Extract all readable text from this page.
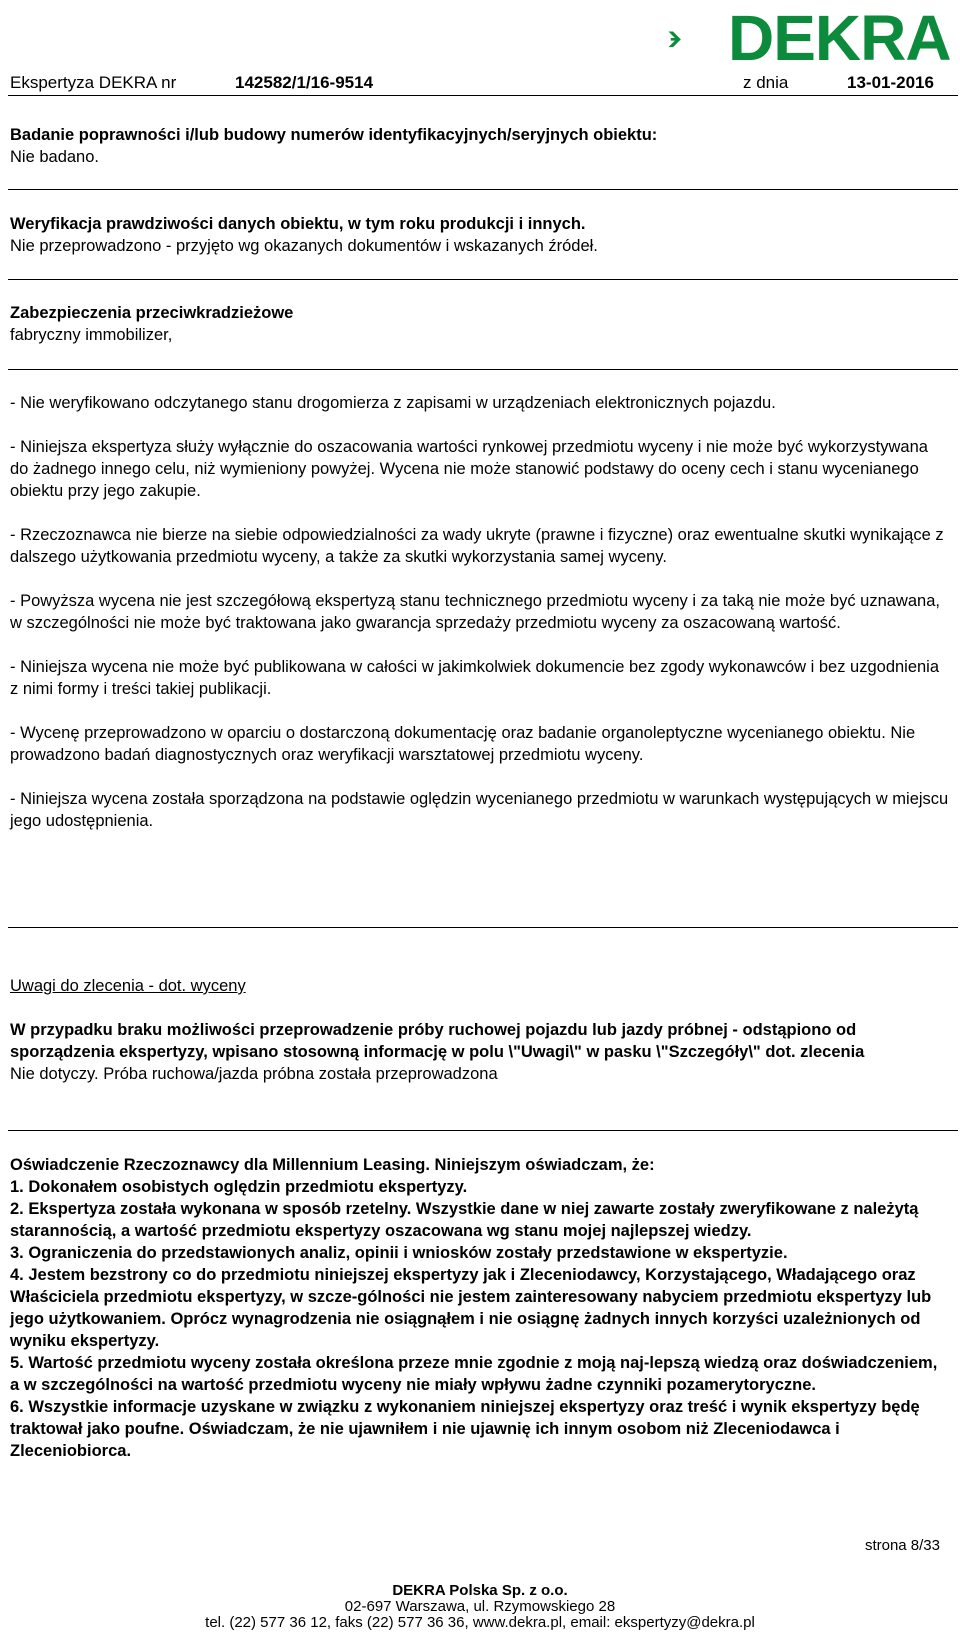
DEKRA
Ekspertyza DEKRA nr	142582/1/16-9514	z dnia	13-01-2016
Badanie poprawności i/lub budowy numerów identyfikacyjnych/seryjnych obiektu:
Nie badano.
Weryfikacja prawdziwości danych obiektu, w tym roku produkcji i innych.
Nie przeprowadzono - przyjęto wg okazanych dokumentów i wskazanych źródeł.
Zabezpieczenia przeciwkradzieżowe
fabryczny immobilizer,
- Nie weryfikowano odczytanego stanu drogomierza z zapisami w urządzeniach elektronicznych pojazdu.
- Niniejsza ekspertyza służy wyłącznie do oszacowania wartości rynkowej przedmiotu wyceny i nie może być wykorzystywana do żadnego innego celu, niż wymieniony powyżej. Wycena nie może stanowić podstawy do oceny cech i stanu wycenianego obiektu przy jego zakupie.
- Rzeczoznawca nie bierze na siebie odpowiedzialności za wady ukryte (prawne i fizyczne) oraz ewentualne skutki wynikające z dalszego użytkowania przedmiotu wyceny, a także za skutki wykorzystania samej wyceny.
- Powyższa wycena nie jest szczegółową ekspertyzą stanu technicznego przedmiotu wyceny i za taką nie może być uznawana, w szczególności nie może być traktowana jako gwarancja sprzedaży przedmiotu wyceny za oszacowaną wartość.
- Niniejsza wycena nie może być publikowana w całości w jakimkolwiek dokumencie bez zgody wykonawców i bez uzgodnienia z nimi formy i treści takiej publikacji.
- Wycenę przeprowadzono w oparciu o dostarczoną dokumentację oraz badanie organoleptyczne wycenianego obiektu. Nie prowadzono badań diagnostycznych oraz weryfikacji warsztatowej przedmiotu wyceny.
- Niniejsza wycena została sporządzona na podstawie oględzin wycenianego przedmiotu w warunkach występujących w miejscu jego udostępnienia.
Uwagi do zlecenia - dot. wyceny
W przypadku braku możliwości przeprowadzenie próby ruchowej pojazdu lub jazdy próbnej - odstąpiono od sporządzenia ekspertyzy, wpisano stosowną informację w polu \"Uwagi\" w pasku \"Szczegóły\" dot. zlecenia
Nie dotyczy. Próba ruchowa/jazda próbna została przeprowadzona
Oświadczenie Rzeczoznawcy dla Millennium Leasing. Niniejszym oświadczam, że:
1. Dokonałem osobistych oględzin przedmiotu ekspertyzy.
2. Ekspertyza została wykonana w sposób rzetelny. Wszystkie dane w niej zawarte zostały zweryfikowane z należytą starannością, a wartość przedmiotu ekspertyzy oszacowana wg stanu mojej najlepszej wiedzy.
3. Ograniczenia do przedstawionych analiz, opinii i wniosków zostały przedstawione w ekspertyzie.
4. Jestem bezstrony co do przedmiotu niniejszej ekspertyzy jak i Zleceniodawcy, Korzystającego, Władającego oraz Właściciela przedmiotu ekspertyzy, w szcze-gólności nie jestem zainteresowany nabyciem przedmiotu ekspertyzy lub jego użytkowaniem. Oprócz wynagrodzenia nie osiągnąłem i nie osiągnę żadnych innych korzyści uzależnionych od wyniku ekspertyzy.
5. Wartość przedmiotu wyceny została określona przeze mnie zgodnie z moją naj-lepszą wiedzą oraz doświadczeniem, a w szczególności na wartość przedmiotu wyceny nie miały wpływu żadne czynniki pozamerytoryczne.
6. Wszystkie informacje uzyskane w związku z wykonaniem niniejszej ekspertyzy oraz treść i wynik ekspertyzy będę traktował jako poufne. Oświadczam, że nie ujawniłem i nie ujawnię ich innym osobom niż Zleceniodawca i Zleceniobiorca.
strona 8/33
DEKRA Polska Sp. z o.o.
02-697 Warszawa, ul. Rzymowskiego 28
tel. (22) 577 36 12, faks (22) 577 36 36, www.dekra.pl, email: ekspertyzy@dekra.pl
